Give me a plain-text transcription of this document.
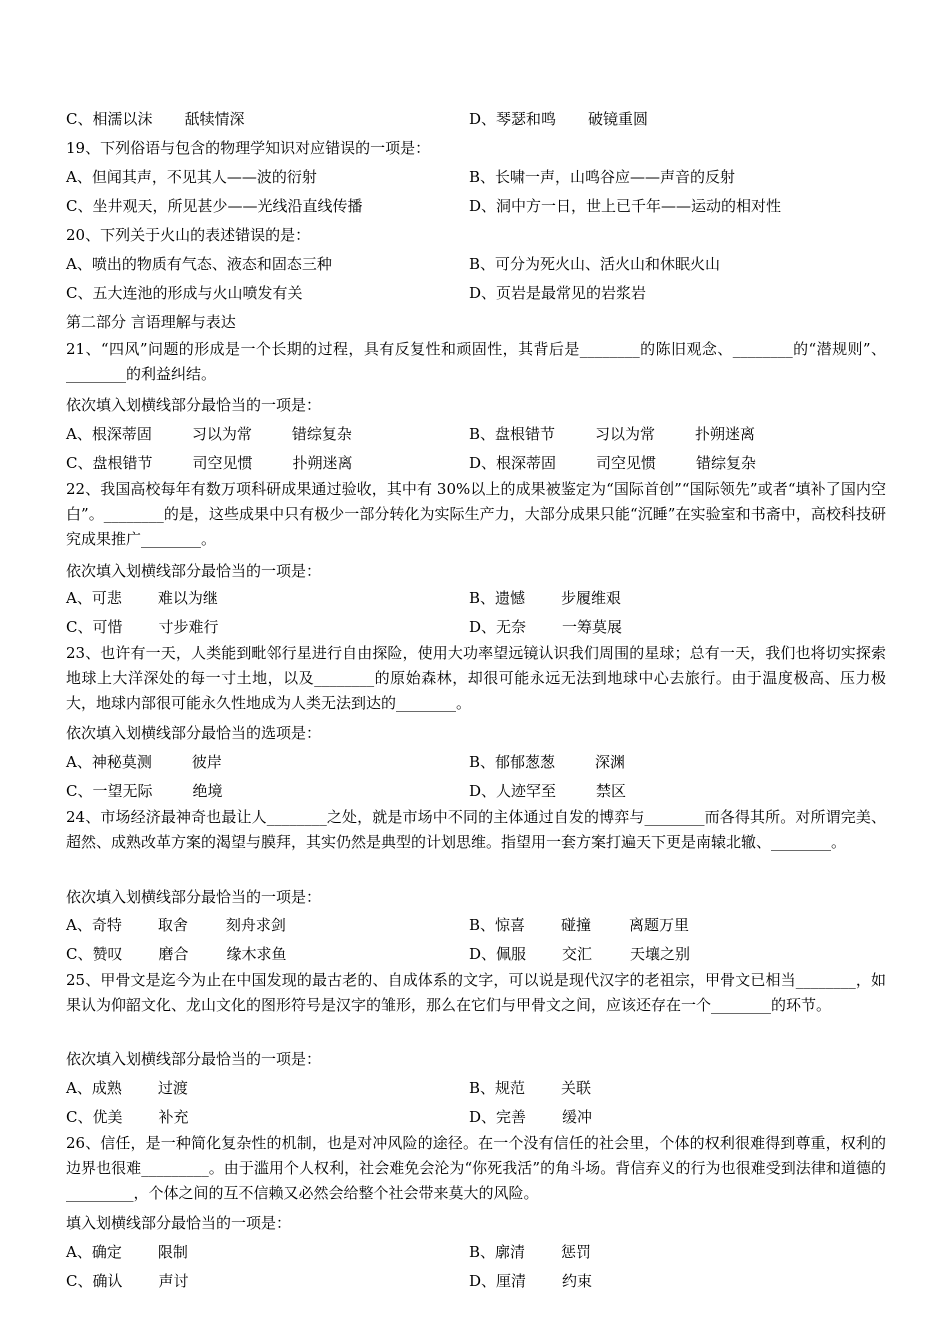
C、相濡以沫 舐犊情深	D、琴瑟和鸣 破镜重圆
19、下列俗语与包含的物理学知识对应错误的一项是：
A、但闻其声，不见其人——波的衍射	B、长啸一声，山鸣谷应——声音的反射
C、坐井观天，所见甚少——光线沿直线传播	D、洞中方一日，世上已千年——运动的相对性
20、下列关于火山的表述错误的是：
A、喷出的物质有气态、液态和固态三种	B、可分为死火山、活火山和休眠火山
C、五大连池的形成与火山喷发有关	D、页岩是最常见的岩浆岩
第二部分 言语理解与表达
21、“四风”问题的形成是一个长期的过程，具有反复性和顽固性，其背后是________的陈旧观念、________的“潜规则”、________的利益纠结。
依次填入划横线部分最恰当的一项是：
A、根深蒂固	习以为常	错综复杂	B、盘根错节	习以为常	扑朔迷离
C、盘根错节	司空见惯	扑朔迷离	D、根深蒂固	司空见惯	错综复杂
22、我国高校每年有数万项科研成果通过验收，其中有 30%以上的成果被鉴定为“国际首创”“国际领先”或者“填补了国内空白”。________的是，这些成果中只有极少一部分转化为实际生产力，大部分成果只能“沉睡”在实验室和书斋中，高校科技研究成果推广________。
依次填入划横线部分最恰当的一项是：
A、可悲 难以为继	B、遗憾 步履维艰
C、可惜 寸步难行	D、无奈 一筹莫展
23、也许有一天，人类能到毗邻行星进行自由探险，使用大功率望远镜认识我们周围的星球；总有一天，我们也将切实探索地球上大洋深处的每一寸土地，以及________的原始森林，却很可能永远无法到地球中心去旅行。由于温度极高、压力极大，地球内部很可能永久性地成为人类无法到达的________。
依次填入划横线部分最恰当的选项是：
A、神秘莫测	彼岸	B、郁郁葱葱	深渊
C、一望无际	绝境	D、人迹罕至	禁区
24、市场经济最神奇也最让人________之处，就是市场中不同的主体通过自发的博弈与________而各得其所。对所谓完美、超然、成熟改革方案的渴望与膜拜，其实仍然是典型的计划思维。指望用一套方案打遍天下更是南辕北辙、________。
依次填入划横线部分最恰当的一项是：
A、奇特 取舍	刻舟求剑	B、惊喜 碰撞	离题万里
C、赞叹 磨合	缘木求鱼	D、佩服 交汇	天壤之别
25、甲骨文是迄今为止在中国发现的最古老的、自成体系的文字，可以说是现代汉字的老祖宗，甲骨文已相当________，如果认为仰韶文化、龙山文化的图形符号是汉字的雏形，那么在它们与甲骨文之间，应该还存在一个________的环节。
依次填入划横线部分最恰当的一项是：
A、成熟 过渡	B、规范 关联
C、优美 补充	D、完善 缓冲
26、信任，是一种简化复杂性的机制，也是对冲风险的途径。在一个没有信任的社会里，个体的权利很难得到尊重，权利的边界也很难_________。由于滥用个人权利，社会难免会沦为“你死我活”的角斗场。背信弃义的行为也很难受到法律和道德的_________，个体之间的互不信赖又必然会给整个社会带来莫大的风险。
填入划横线部分最恰当的一项是：
A、确定 限制	B、廓清 惩罚
C、确认 声讨	D、厘清 约束
